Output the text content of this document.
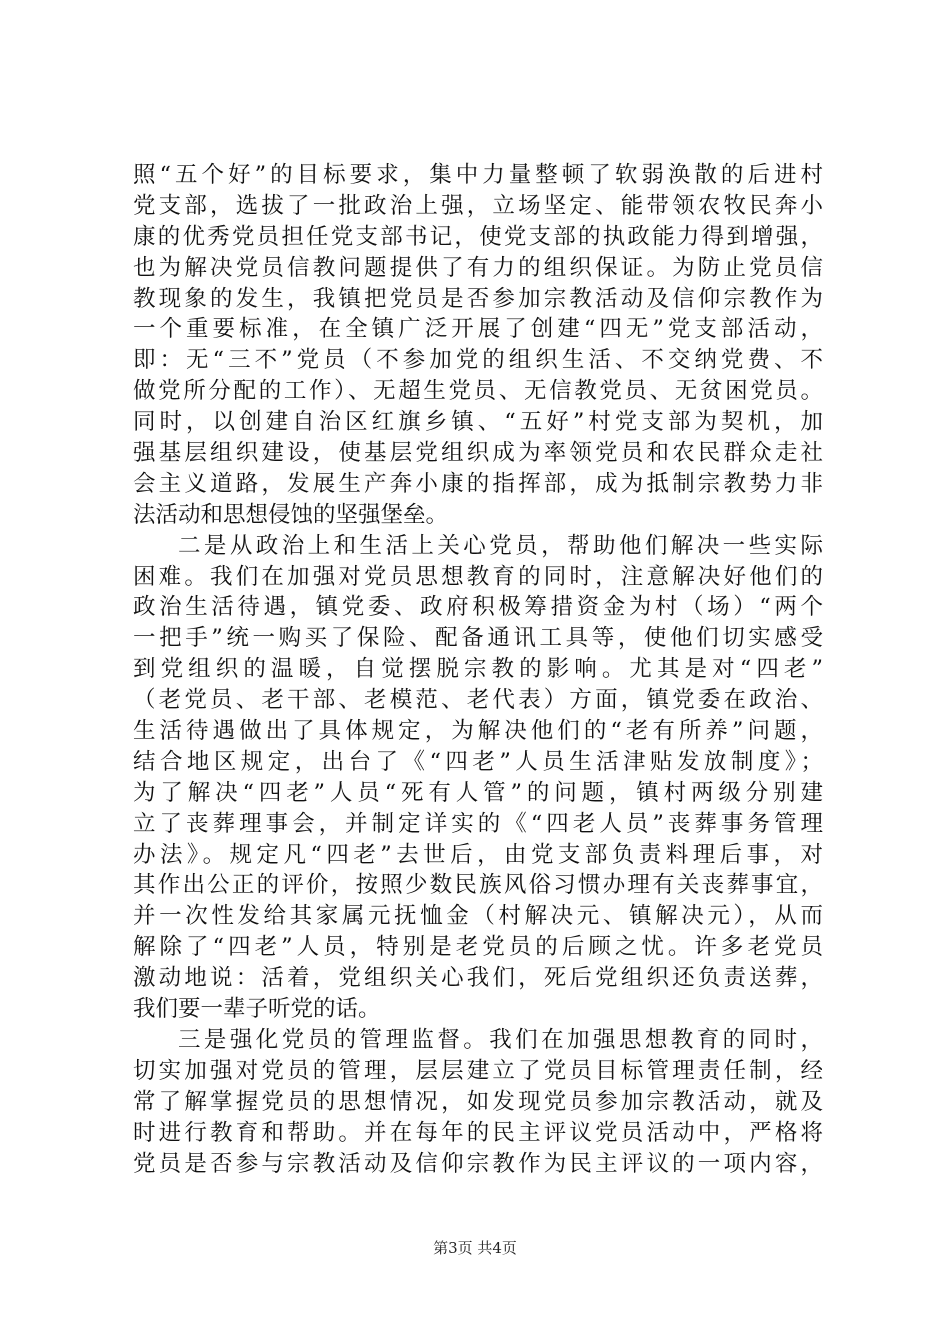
照“五个好”的目标要求，集中力量整顿了软弱涣散的后进村
党支部，选拔了一批政治上强，立场坚定、能带领农牧民奔小
康的优秀党员担任党支部书记，使党支部的执政能力得到增强，
也为解决党员信教问题提供了有力的组织保证。为防止党员信
教现象的发生，我镇把党员是否参加宗教活动及信仰宗教作为
一个重要标准，在全镇广泛开展了创建“四无”党支部活动，
即：无“三不”党员（不参加党的组织生活、不交纳党费、不
做党所分配的工作）、无超生党员、无信教党员、无贫困党员。
同时，以创建自治区红旗乡镇、“五好”村党支部为契机，加
强基层组织建设，使基层党组织成为率领党员和农民群众走社
会主义道路，发展生产奔小康的指挥部，成为抵制宗教势力非
法活动和思想侵蚀的坚强堡垒。
二是从政治上和生活上关心党员，帮助他们解决一些实际
困难。我们在加强对党员思想教育的同时，注意解决好他们的
政治生活待遇，镇党委、政府积极筹措资金为村（场）“两个
一把手”统一购买了保险、配备通讯工具等，使他们切实感受
到党组织的温暖，自觉摆脱宗教的影响。尤其是对“四老”
（老党员、老干部、老模范、老代表）方面，镇党委在政治、
生活待遇做出了具体规定，为解决他们的“老有所养”问题，
结合地区规定，出台了《“四老”人员生活津贴发放制度》；
为了解决“四老”人员“死有人管”的问题，镇村两级分别建
立了丧葬理事会，并制定详实的《“四老人员”丧葬事务管理
办法》。规定凡“四老”去世后，由党支部负责料理后事，对
其作出公正的评价，按照少数民族风俗习惯办理有关丧葬事宜，
并一次性发给其家属元抚恤金（村解决元、镇解决元），从而
解除了“四老”人员，特别是老党员的后顾之忧。许多老党员
激动地说：活着，党组织关心我们，死后党组织还负责送葬，
我们要一辈子听党的话。
三是强化党员的管理监督。我们在加强思想教育的同时，
切实加强对党员的管理，层层建立了党员目标管理责任制，经
常了解掌握党员的思想情况，如发现党员参加宗教活动，就及
时进行教育和帮助。并在每年的民主评议党员活动中，严格将
党员是否参与宗教活动及信仰宗教作为民主评议的一项内容，
第3页 共4页
